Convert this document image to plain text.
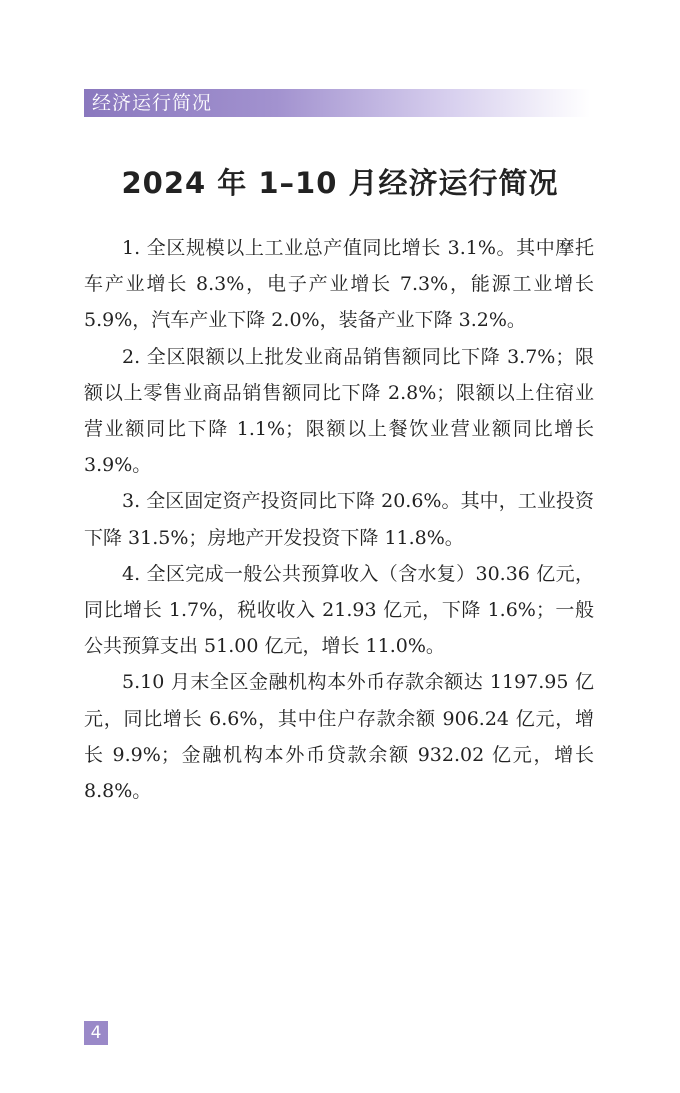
经济运行简况
2024 年 1–10 月经济运行简况

1. 全区规模以上工业总产值同比增长 3.1%。其中摩托车产业增长 8.3%，电子产业增长 7.3%，能源工业增长 5.9%，汽车产业下降 2.0%，装备产业下降 3.2%。

2. 全区限额以上批发业商品销售额同比下降 3.7%；限额以上零售业商品销售额同比下降 2.8%；限额以上住宿业营业额同比下降 1.1%；限额以上餐饮业营业额同比增长 3.9%。

3. 全区固定资产投资同比下降 20.6%。其中，工业投资下降 31.5%；房地产开发投资下降 11.8%。

4. 全区完成一般公共预算收入（含水复）30.36 亿元，同比增长 1.7%，税收收入 21.93 亿元，下降 1.6%；一般公共预算支出 51.00 亿元，增长 11.0%。

5.10 月末全区金融机构本外币存款余额达 1197.95 亿元，同比增长 6.6%，其中住户存款余额 906.24 亿元，增长 9.9%；金融机构本外币贷款余额 932.02 亿元，增长 8.8%。

4
